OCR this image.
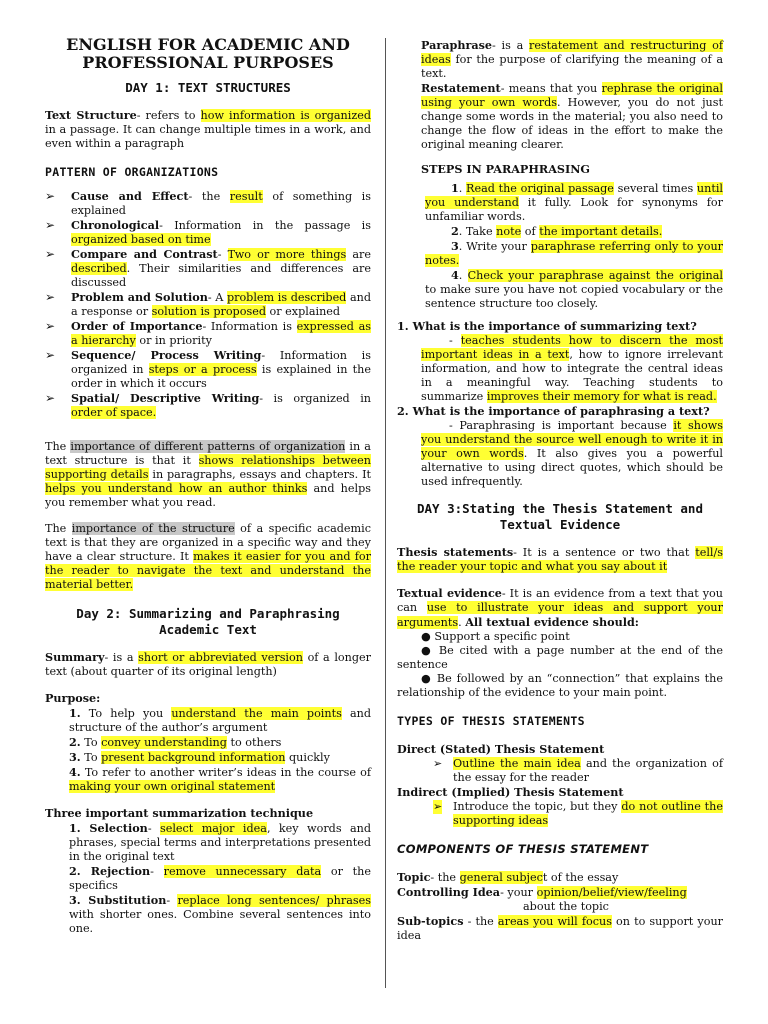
ENGLISH FOR ACADEMIC AND PROFESSIONAL PURPOSES
DAY 1: TEXT STRUCTURES

Text Structure- refers to how information is organized in a passage. It can change multiple times in a work, and even within a paragraph

PATTERN OF ORGANIZATIONS
➢ Cause and Effect- the result of something is explained
➢ Chronological- Information in the passage is organized based on time
➢ Compare and Contrast- Two or more things are described. Their similarities and differences are discussed
➢ Problem and Solution- A problem is described and a response or solution is proposed or explained
➢ Order of Importance- Information is expressed as a hierarchy or in priority
➢ Sequence/ Process Writing- Information is organized in steps or a process is explained in the order in which it occurs
➢ Spatial/ Descriptive Writing- is organized in order of space.

The importance of different patterns of organization in a text structure is that it shows relationships between supporting details in paragraphs, essays and chapters. It helps you understand how an author thinks and helps you remember what you read.

The importance of the structure of a specific academic text is that they are organized in a specific way and they have a clear structure. It makes it easier for you and for the reader to navigate the text and understand the material better.

Day 2: Summarizing and Paraphrasing Academic Text

Summary- is a short or abbreviated version of a longer text (about quarter of its original length)

Purpose:

1. To help you understand the main points and structure of the author’s argument

2. To convey understanding to others

3. To present background information quickly

4. To refer to another writer’s ideas in the course of making your own original statement

Three important summarization technique

1. Selection- select major idea, key words and phrases, special terms and interpretations presented in the original text

2. Rejection- remove unnecessary data or the specifics

3. Substitution- replace long sentences/ phrases with shorter ones. Combine several sentences into one.

Paraphrase- is a restatement and restructuring of ideas for the purpose of clarifying the meaning of a text.

Restatement- means that you rephrase the original using your own words. However, you do not just change some words in the material; you also need to change the flow of ideas in the effort to make the original meaning clearer.

STEPS IN PARAPHRASING

1. Read the original passage several times until you understand it fully. Look for synonyms for unfamiliar words.

2. Take note of the important details.

3. Write your paraphrase referring only to your notes.

4. Check your paraphrase against the original to make sure you have not copied vocabulary or the sentence structure too closely.

1. What is the importance of summarizing text?

- teaches students how to discern the most important ideas in a text, how to ignore irrelevant information, and how to integrate the central ideas in a meaningful way. Teaching students to summarize improves their memory for what is read.

2. What is the importance of paraphrasing a text?

- Paraphrasing is important because it shows you understand the source well enough to write it in your own words. It also gives you a powerful alternative to using direct quotes, which should be used infrequently.

DAY 3:Stating the Thesis Statement and Textual Evidence

Thesis statements- It is a sentence or two that tell/s the reader your topic and what you say about it

Textual evidence- It is an evidence from a text that you can use to illustrate your ideas and support your arguments. All textual evidence should:

● Support a specific point

● Be cited with a page number at the end of the sentence

● Be followed by an “connection” that explains the relationship of the evidence to your main point.

TYPES OF THESIS STATEMENTS

Direct (Stated) Thesis Statement

➢ Outline the main idea and the organization of the essay for the reader

Indirect (Implied) Thesis Statement

➢ Introduce the topic, but they do not outline the supporting ideas

COMPONENTS OF THESIS STATEMENT

Topic- the general subject of the essay

Controlling Idea- your opinion/belief/view/feeling
about the topic

Sub-topics - the areas you will focus on to support your idea
